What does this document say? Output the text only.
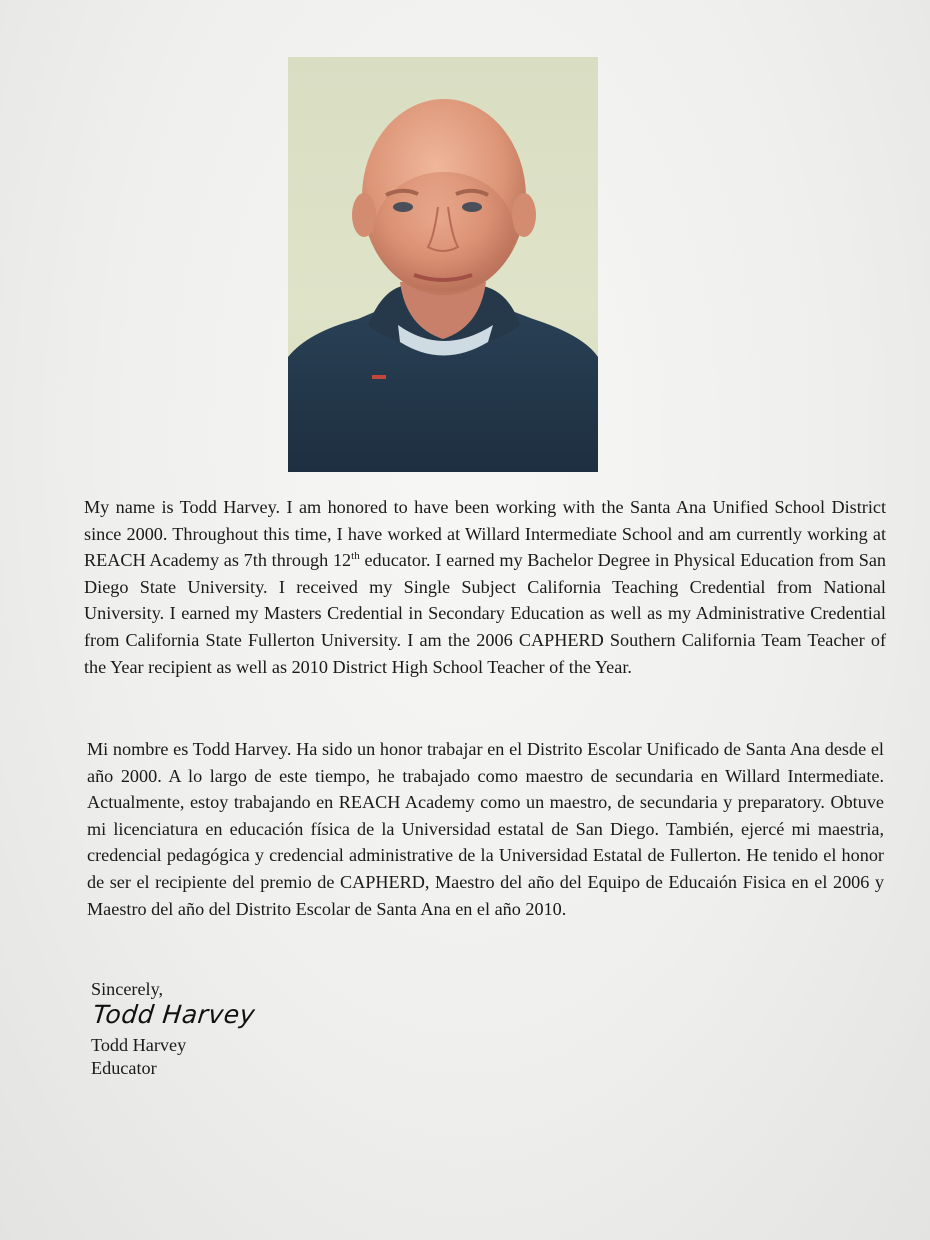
My name is Todd Harvey. I am honored to have been working with the Santa Ana Unified School District since 2000. Throughout this time, I have worked at Willard Intermediate School and am currently working at REACH Academy as 7th through 12th educator. I earned my Bachelor Degree in Physical Education from San Diego State University. I received my Single Subject California Teaching Credential from National University. I earned my Masters Credential in Secondary Education as well as my Administrative Credential from California State Fullerton University. I am the 2006 CAPHERD Southern California Team Teacher of the Year recipient as well as 2010 District High School Teacher of the Year.

Mi nombre es Todd Harvey. Ha sido un honor trabajar en el Distrito Escolar Unificado de Santa Ana desde el año 2000. A lo largo de este tiempo, he trabajado como maestro de secundaria en Willard Intermediate. Actualmente, estoy trabajando en REACH Academy como un maestro, de secundaria y preparatory. Obtuve mi licenciatura en educación física de la Universidad estatal de San Diego. También, ejercé mi maestria, credencial pedagógica y credencial administrative de la Universidad Estatal de Fullerton. He tenido el honor de ser el recipiente del premio de CAPHERD, Maestro del año del Equipo de Educaión Fisica en el 2006 y Maestro del año del Distrito Escolar de Santa Ana en el año 2010.

Sincerely,
Todd Harvey
Todd Harvey
Educator
